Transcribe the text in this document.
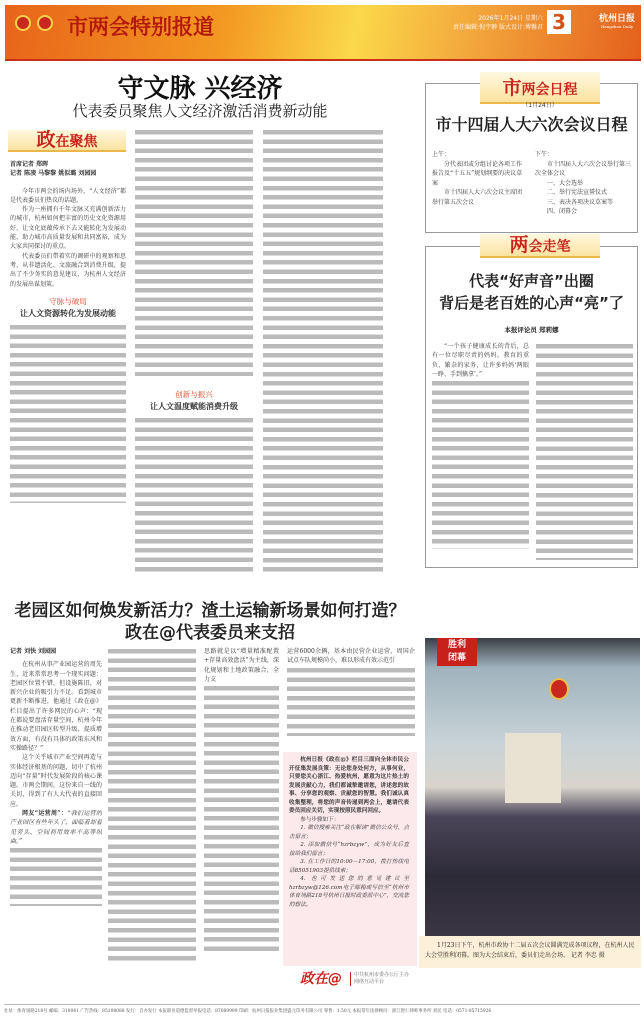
市两会特别报道	2026年1月24日 星期六
责任编辑:倪宇翀 版式设计:傅馨君 3	杭州日报
Hangzhou Daily
守文脉 兴经济
代表委员聚焦人文经济激活消费新动能
政在聚焦
首席记者 郑晖
记者 陈凌 马黎黎 姚似璐 刘园园

今年市两会的场内场外，“人文经济”都是代表委员们热议的话题。

作为一座拥有千年文脉又充满创新活力的城市，杭州如何把丰富的历史文化资源用好，让文化底蕴传承下去又能转化为发展动能，助力城市高质量发展和共同富裕，成为大家共同探讨的重点。

代表委员们带着实的调研中的观察和思考，从非遗活化、文旅融合到消费升级，提出了不少务实的意见建议，为杭州人文经济的发展出谋划策。

守脉与破局
让人文资源转化为发展动能
创新与振兴
让人文温度赋能消费升级
市两会日程
（1月24日）
市十四届人大六次会议日程
上午：

分代表团或分组讨论各项工作报告及“十五五”规划纲要的决议草案

市十四届人大六次会议主席团举行第五次会议

下午：

市十四届人大六次会议举行第三次全体会议

一、大会选举

二、举行宪法宣誓仪式

三、表决各项决议草案等

四、闭幕会

两会走笔
代表“好声音”出圈
背后是老百姓的心声“亮”了
本报评论员 郑莉娜

“一个孩子健康成长的背后，总有一位尽职尽责的妈妈。教育的重负、繁杂的家务，让许多妈妈‘两眼一睁、手到擒拿’。”

老园区如何焕发新活力？渣土运输新场景如何打造？
政在@代表委员来支招
记者 刘快 刘园园

在杭州从事产业园运营的周先生，近来常常思考一个现实问题：老园区位置不错，但设施陈旧，对新兴企业的吸引力不足。看到城市更新不断推进，他通过《政在@》栏目提出了许多网民的心声：“现在都说要盘活存量空间，杭州今年在推动老旧园区转型升级、提质增效方面，有没有具体的政策东风和实操路径？”

这个关乎城市产业空间再造与实体经济根基的问题，切中了杭州迈向“存量”时代发展阶段的核心课题。市两会期间，这份来自一线的关切，得到了有人大代表的直接回应。

网友“运营周”：“我们运营的产业园区有些年头了，面临着却看见旁头、空间利用效率不高等纵曲。”

思路就是以“增量精准配置+存量高效盘活”为主线，深化规划和土地政策融合，全力支
运营6000余辆，基本由民营企业运营，周国企试点车队规模尚小，难以形成有效示范引

杭州日报《政在@》栏目三面向全体市民公开征集发展良策：无论您身处何方，从事何业，只要您关心浙江、热爱杭州，愿意为这片热土的发展贡献心力，我们都诚挚邀请您，讲述您的故事、分享您的观察、贡献您的智慧。我们诚认真收集整理，将您的声音传递到两会上，邀请代表委员回应关切，实现按照民意问回应。

参与步骤如下：

1. 微信搜索关注“政在解读”微信公众号，点击留言；

2. 添加微信号“hzrbzyw”，成为好友后直接给我们留言；

3. 在工作日的10:00—17:00，拨打热线电话85051903提供线索；

4. 也可发送您的意见建议至hzrbzyw@126.com电子邮箱或写信至“杭州市体育场路218号杭州日报时政委派中心”，交流您的想法。

政在@ 中共杭州市委办公厅主办
网络互动平台
胜利
闭幕
1月23日下午，杭州市政协十二届五次会议圆满完成各项议程，在杭州人民大会堂胜利闭幕。图为大会结束后，委员们走出会场。 记者 李忠 摄
社址：体育场路218号 邮编：310041 广告热线：85108088 发行：自办发行 本报职业道德监督举报电话：87089999 印刷：杭州日报报业集团盛元印务有限公司 零售：1.50元 本报常年法律顾问：浙江智仁律师事务所 刘民 电话：0571-85715926
